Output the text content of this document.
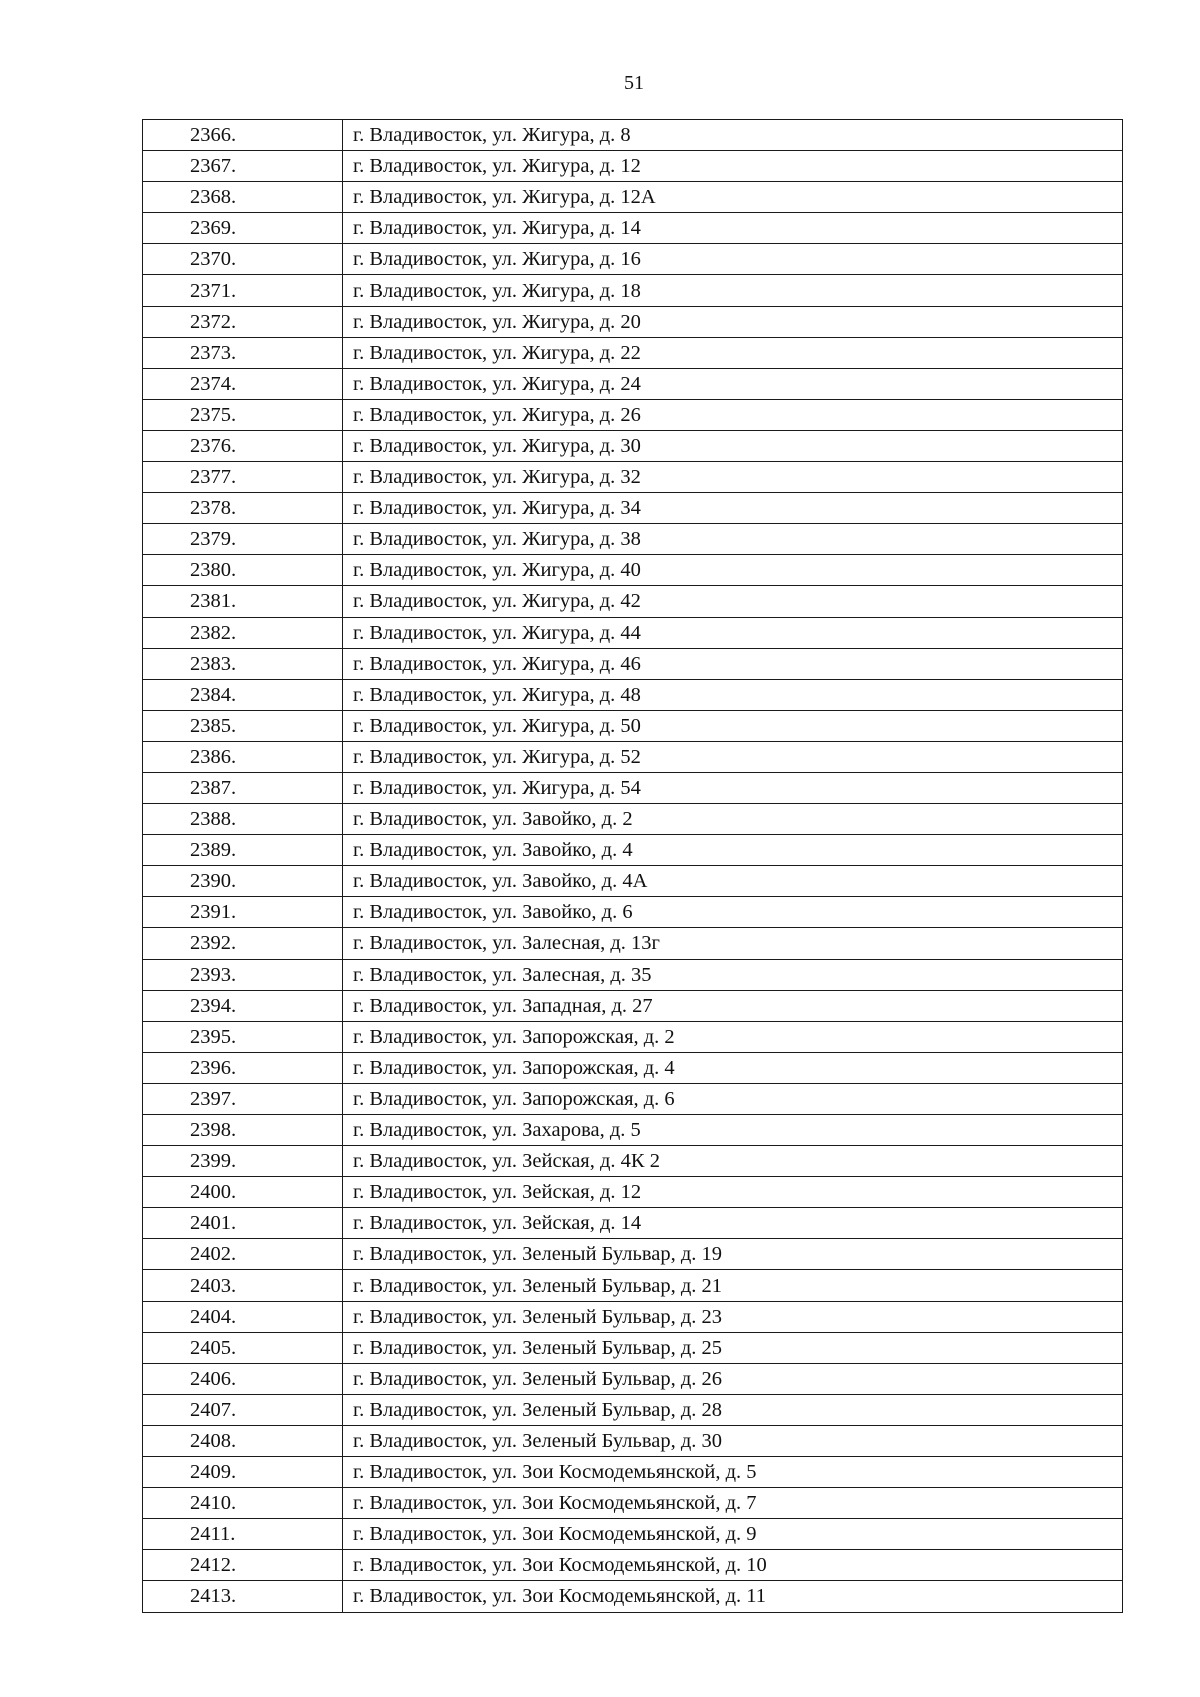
51
2366.	г. Владивосток, ул. Жигура, д. 8
2367.	г. Владивосток, ул. Жигура, д. 12
2368.	г. Владивосток, ул. Жигура, д. 12А
2369.	г. Владивосток, ул. Жигура, д. 14
2370.	г. Владивосток, ул. Жигура, д. 16
2371.	г. Владивосток, ул. Жигура, д. 18
2372.	г. Владивосток, ул. Жигура, д. 20
2373.	г. Владивосток, ул. Жигура, д. 22
2374.	г. Владивосток, ул. Жигура, д. 24
2375.	г. Владивосток, ул. Жигура, д. 26
2376.	г. Владивосток, ул. Жигура, д. 30
2377.	г. Владивосток, ул. Жигура, д. 32
2378.	г. Владивосток, ул. Жигура, д. 34
2379.	г. Владивосток, ул. Жигура, д. 38
2380.	г. Владивосток, ул. Жигура, д. 40
2381.	г. Владивосток, ул. Жигура, д. 42
2382.	г. Владивосток, ул. Жигура, д. 44
2383.	г. Владивосток, ул. Жигура, д. 46
2384.	г. Владивосток, ул. Жигура, д. 48
2385.	г. Владивосток, ул. Жигура, д. 50
2386.	г. Владивосток, ул. Жигура, д. 52
2387.	г. Владивосток, ул. Жигура, д. 54
2388.	г. Владивосток, ул. Завойко, д. 2
2389.	г. Владивосток, ул. Завойко, д. 4
2390.	г. Владивосток, ул. Завойко, д. 4А
2391.	г. Владивосток, ул. Завойко, д. 6
2392.	г. Владивосток, ул. Залесная, д. 13г
2393.	г. Владивосток, ул. Залесная, д. 35
2394.	г. Владивосток, ул. Западная, д. 27
2395.	г. Владивосток, ул. Запорожская, д. 2
2396.	г. Владивосток, ул. Запорожская, д. 4
2397.	г. Владивосток, ул. Запорожская, д. 6
2398.	г. Владивосток, ул. Захарова, д. 5
2399.	г. Владивосток, ул. Зейская, д. 4К 2
2400.	г. Владивосток, ул. Зейская, д. 12
2401.	г. Владивосток, ул. Зейская, д. 14
2402.	г. Владивосток, ул. Зеленый Бульвар, д. 19
2403.	г. Владивосток, ул. Зеленый Бульвар, д. 21
2404.	г. Владивосток, ул. Зеленый Бульвар, д. 23
2405.	г. Владивосток, ул. Зеленый Бульвар, д. 25
2406.	г. Владивосток, ул. Зеленый Бульвар, д. 26
2407.	г. Владивосток, ул. Зеленый Бульвар, д. 28
2408.	г. Владивосток, ул. Зеленый Бульвар, д. 30
2409.	г. Владивосток, ул. Зои Космодемьянской, д. 5
2410.	г. Владивосток, ул. Зои Космодемьянской, д. 7
2411.	г. Владивосток, ул. Зои Космодемьянской, д. 9
2412.	г. Владивосток, ул. Зои Космодемьянской, д. 10
2413.	г. Владивосток, ул. Зои Космодемьянской, д. 11
